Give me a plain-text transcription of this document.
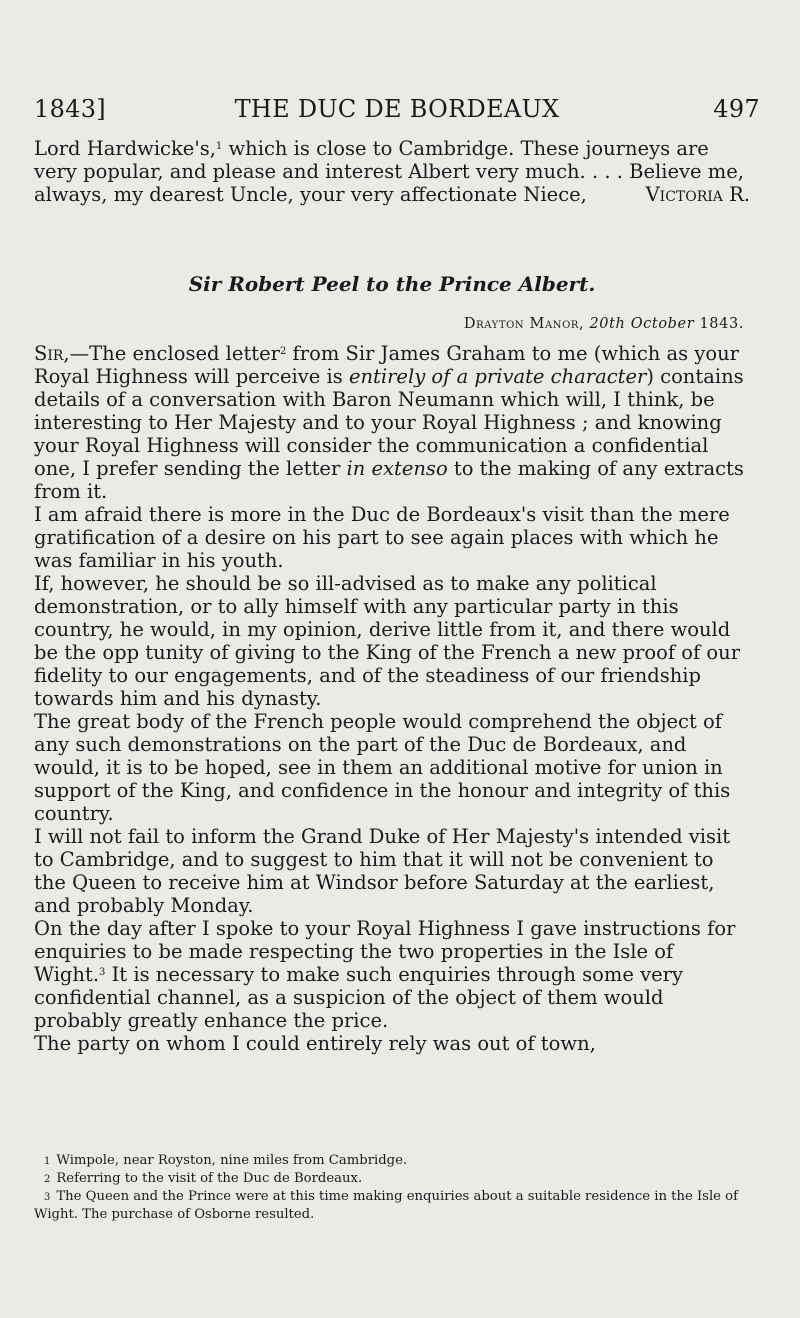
1843]	THE DUC DE BORDEAUX	497

Lord Hardwicke's,$^1$ which is close to Cambridge. These journeys are very popular, and please and interest Albert very much. . . . Believe me, always, my dearest Uncle, your very affectionate Niece,	Victoria R.

Sir Robert Peel to the Prince Albert.
Drayton Manor, 20th October 1843.

Sir,—The enclosed letter$^2$ from Sir James Graham to me (which as your Royal Highness will perceive is entirely of a private character) contains details of a conversation with Baron Neumann which will, I think, be interesting to Her Majesty and to your Royal Highness ; and knowing your Royal Highness will consider the communication a confidential one, I prefer sending the letter in extenso to the making of any extracts from it.

I am afraid there is more in the Duc de Bordeaux's visit than the mere gratification of a desire on his part to see again places with which he was familiar in his youth.

If, however, he should be so ill-advised as to make any political demonstration, or to ally himself with any particular party in this country, he would, in my opinion, derive little from it, and there would be the opp tunity of giving to the King of the French a new proof of our fidelity to our engagements, and of the steadiness of our friendship towards him and his dynasty.

The great body of the French people would comprehend the object of any such demonstrations on the part of the Duc de Bordeaux, and would, it is to be hoped, see in them an additional motive for union in support of the King, and confidence in the honour and integrity of this country.

I will not fail to inform the Grand Duke of Her Majesty's intended visit to Cambridge, and to suggest to him that it will not be convenient to the Queen to receive him at Windsor before Saturday at the earliest, and probably Monday.

On the day after I spoke to your Royal Highness I gave instructions for enquiries to be made respecting the two properties in the Isle of Wight.$^3$ It is necessary to make such enquiries through some very confidential channel, as a suspicion of the object of them would probably greatly enhance the price.

The party on whom I could entirely rely was out of town,

1 Wimpole, near Royston, nine miles from Cambridge.

2 Referring to the visit of the Duc de Bordeaux.

3 The Queen and the Prince were at this time making enquiries about a suitable residence in the Isle of Wight. The purchase of Osborne resulted.
